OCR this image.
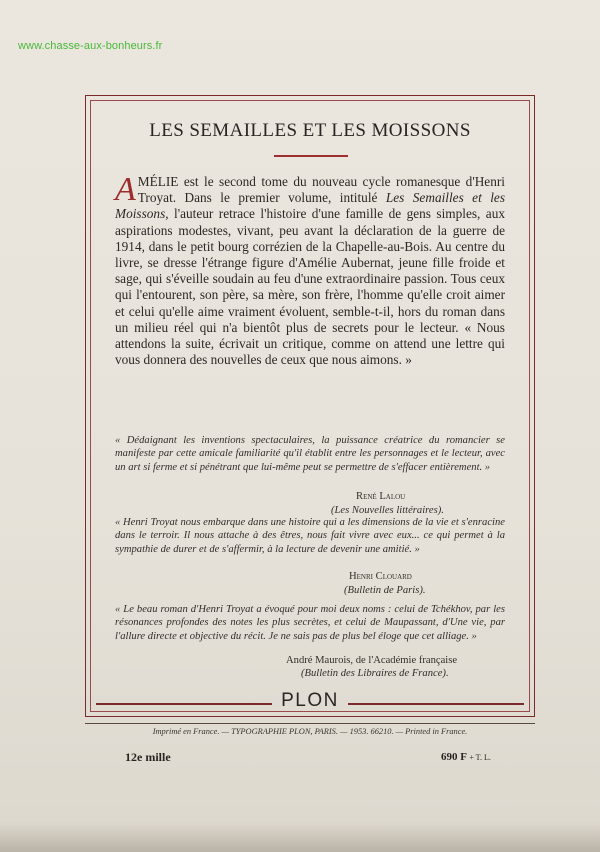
www.chasse-aux-bonheurs.fr
LES SEMAILLES ET LES MOISSONS
AMÉLIE est le second tome du nouveau cycle romanesque d'Henri Troyat. Dans le premier volume, intitulé Les Semailles et les Moissons, l'auteur retrace l'histoire d'une famille de gens simples, aux aspirations modestes, vivant, peu avant la déclaration de la guerre de 1914, dans le petit bourg corrézien de la Chapelle-au-Bois. Au centre du livre, se dresse l'étrange figure d'Amélie Aubernat, jeune fille froide et sage, qui s'éveille soudain au feu d'une extraordinaire passion. Tous ceux qui l'entourent, son père, sa mère, son frère, l'homme qu'elle croit aimer et celui qu'elle aime vraiment évoluent, semble-t-il, hors du roman dans un milieu réel qui n'a bientôt plus de secrets pour le lecteur. « Nous attendons la suite, écrivait un critique, comme on attend une lettre qui vous donnera des nouvelles de ceux que nous aimons. »
« Dédaignant les inventions spectaculaires, la puissance créatrice du romancier se manifeste par cette amicale familiarité qu'il établit entre les personnages et le lecteur, avec un art si ferme et si pénétrant que lui-même peut se permettre de s'effacer entièrement. »
René Lalou
(Les Nouvelles littéraires).
« Henri Troyat nous embarque dans une histoire qui a les dimensions de la vie et s'enracine dans le terroir. Il nous attache à des êtres, nous fait vivre avec eux... ce qui permet à la sympathie de durer et de s'affermir, à la lecture de devenir une amitié. »
Henri Clouard
(Bulletin de Paris).
« Le beau roman d'Henri Troyat a évoqué pour moi deux noms : celui de Tchékhov, par les résonances profondes des notes les plus secrètes, et celui de Maupassant, d'Une vie, par l'allure directe et objective du récit. Je ne sais pas de plus bel éloge que cet alliage. »
André Maurois, de l'Académie française
(Bulletin des Libraires de France).
PLON
Imprimé en France. — TYPOGRAPHIE PLON, PARIS. — 1953. 66210. — Printed in France.
12e mille	690 F + T. L.
